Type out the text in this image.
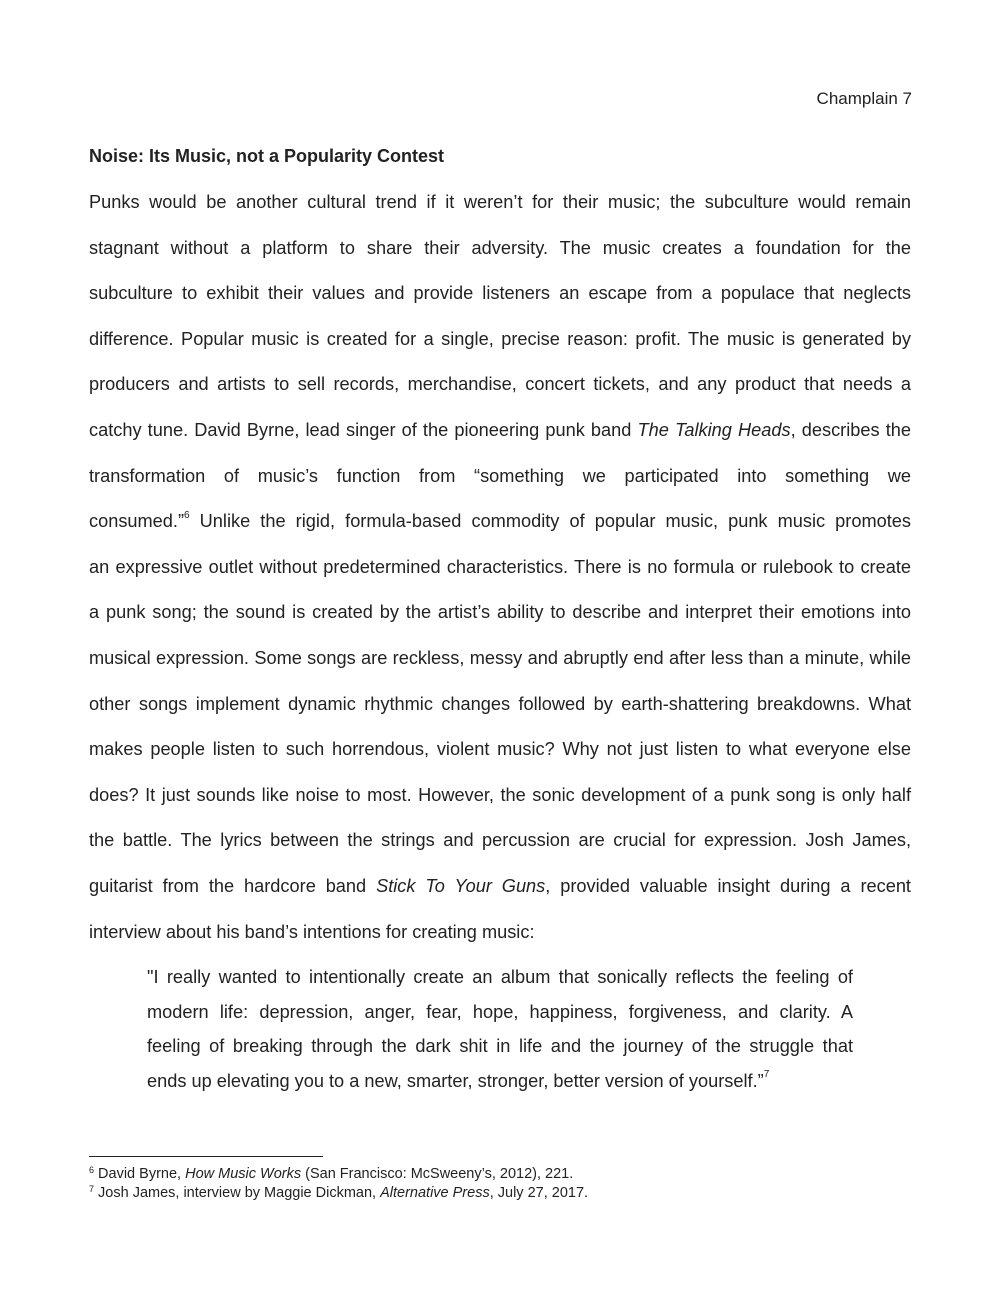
Champlain 7
Noise: Its Music, not a Popularity Contest
Punks would be another cultural trend if it weren’t for their music; the subculture would remain
stagnant without a platform to share their adversity. The music creates a foundation for the
subculture to exhibit their values and provide listeners an escape from a populace that neglects
difference. Popular music is created for a single, precise reason: profit. The music is generated by
producers and artists to sell records, merchandise, concert tickets, and any product that needs a
catchy tune. David Byrne, lead singer of the pioneering punk band The Talking Heads, describes the
transformation of music’s function from “something we participated into something we
consumed.”$^6$ Unlike the rigid, formula-based commodity of popular music, punk music promotes
an expressive outlet without predetermined characteristics. There is no formula or rulebook to create
a punk song; the sound is created by the artist’s ability to describe and interpret their emotions into
musical expression. Some songs are reckless, messy and abruptly end after less than a minute, while
other songs implement dynamic rhythmic changes followed by earth-shattering breakdowns. What
makes people listen to such horrendous, violent music? Why not just listen to what everyone else
does? It just sounds like noise to most. However, the sonic development of a punk song is only half
the battle. The lyrics between the strings and percussion are crucial for expression. Josh James,
guitarist from the hardcore band Stick To Your Guns, provided valuable insight during a recent
interview about his band’s intentions for creating music:
"I really wanted to intentionally create an album that sonically reflects the feeling of
modern life: depression, anger, fear, hope, happiness, forgiveness, and clarity. A
feeling of breaking through the dark shit in life and the journey of the struggle that
ends up elevating you to a new, smarter, stronger, better version of yourself.”$^7$
$^6$ David Byrne, How Music Works (San Francisco: McSweeny’s, 2012), 221.
$^7$ Josh James, interview by Maggie Dickman, Alternative Press, July 27, 2017.
